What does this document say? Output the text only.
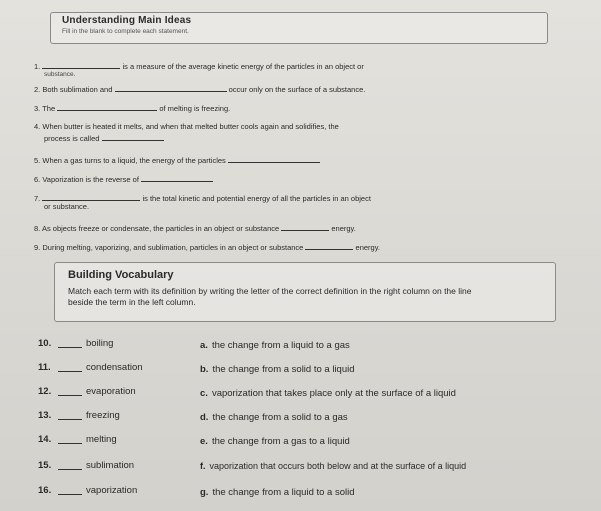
Understanding Main Ideas
Fill in the blank to complete each statement.
1.	is a measure of the average kinetic energy of the particles in an object or
substance.
2. Both sublimation and	occur only on the surface of a substance.
3. The	of melting is freezing.
4. When butter is heated it melts, and when that melted butter cools again and solidifies, the
process is called
5. When a gas turns to a liquid, the energy of the particles
6. Vaporization is the reverse of
7.	is the total kinetic and potential energy of all the particles in an object
or substance.
8. As objects freeze or condensate, the particles in an object or substance	energy.
9. During melting, vaporizing, and sublimation, particles in an object or substance	energy.
Building Vocabulary
Match each term with its definition by writing the letter of the correct definition in the right column on the line beside the term in the left column.
10.	boiling
11.	condensation
12.	evaporation
13.	freezing
14.	melting
15.	sublimation
16.	vaporization
a. the change from a liquid to a gas
b. the change from a solid to a liquid
c. vaporization that takes place only at the surface of a liquid
d. the change from a solid to a gas
e. the change from a gas to a liquid
f. vaporization that occurs both below and at the surface of a liquid
g. the change from a liquid to a solid
